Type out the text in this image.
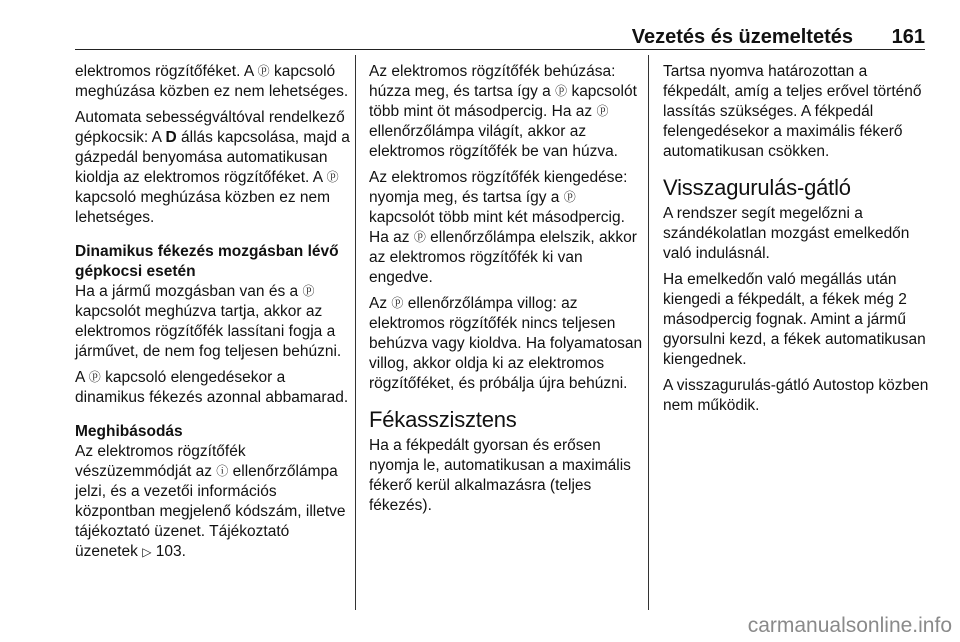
Vezetés és üzemeltetés 161

elektromos rögzítőféket. A ⓟ kapcsoló meghúzása közben ez nem lehetséges.

Automata sebességváltóval rendelkező gépkocsik: A D állás kapcsolása, majd a gázpedál benyomása automatikusan kioldja az elektromos rögzítőféket. A ⓟ kapcsoló meghúzása közben ez nem lehetséges.

Dinamikus fékezés mozgásban lévő gépkocsi esetén

Ha a jármű mozgásban van és a ⓟ kapcsolót meghúzva tartja, akkor az elektromos rögzítőfék lassítani fogja a járművet, de nem fog teljesen behúzni.

A ⓟ kapcsoló elengedésekor a dinamikus fékezés azonnal abbamarad.

Meghibásodás

Az elektromos rögzítőfék vészüzemmódját az ⓘ ellenőrzőlámpa jelzi, és a vezetői információs központban megjelenő kódszám, illetve tájékoztató üzenet. Tájékoztató üzenetek ▷ 103.

Az elektromos rögzítőfék behúzása: húzza meg, és tartsa így a ⓟ kapcsolót több mint öt másodpercig. Ha az ⓟ ellenőrzőlámpa világít, akkor az elektromos rögzítőfék be van húzva.

Az elektromos rögzítőfék kiengedése: nyomja meg, és tartsa így a ⓟ kapcsolót több mint két másodpercig. Ha az ⓟ ellenőrzőlámpa elelszik, akkor az elektromos rögzítőfék ki van engedve.

Az ⓟ ellenőrzőlámpa villog: az elektromos rögzítőfék nincs teljesen behúzva vagy kioldva. Ha folyamatosan villog, akkor oldja ki az elektromos rögzítőféket, és próbálja újra behúzni.

Fékasszisztens

Ha a fékpedált gyorsan és erősen nyomja le, automatikusan a maximális fékerő kerül alkalmazásra (teljes fékezés).

Tartsa nyomva határozottan a fékpedált, amíg a teljes erővel történő lassítás szükséges. A fékpedál felengedésekor a maximális fékerő automatikusan csökken.

Visszagurulás-gátló

A rendszer segít megelőzni a szándékolatlan mozgást emelkedőn való indulásnál.

Ha emelkedőn való megállás után kiengedi a fékpedált, a fékek még 2 másodpercig fognak. Amint a jármű gyorsulni kezd, a fékek automatikusan kiengednek.

A visszagurulás-gátló Autostop közben nem működik.

carmanualsonline.info
